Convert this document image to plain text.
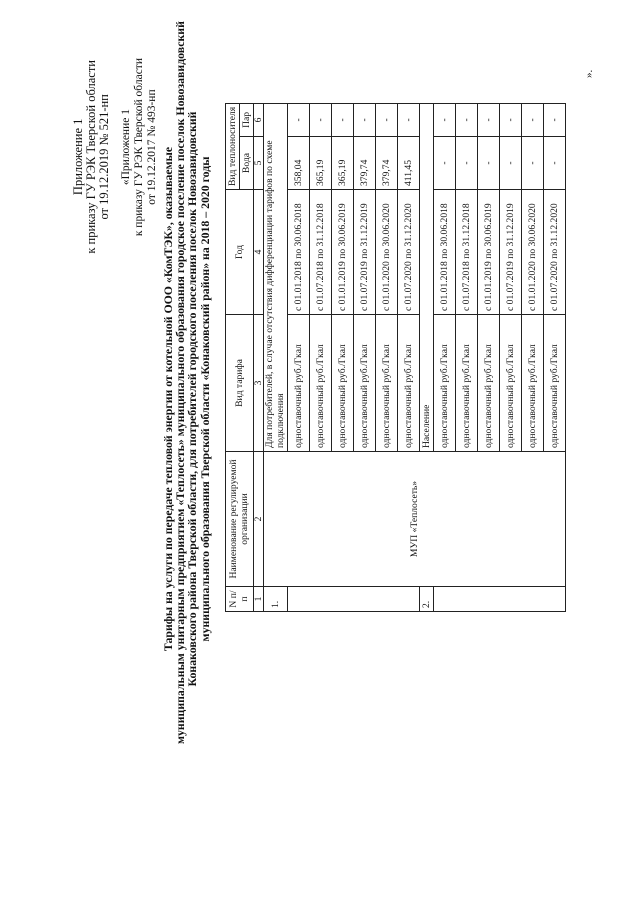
Приложение 1 к приказу ГУ РЭК Тверской области от 19.12.2019 № 521-нп «Приложение 1 к приказу ГУ РЭК Тверской области от 19.12.2017 № 493-нп Тарифы на услуги по передаче тепловой энергии от котельной ООО «КомТЭК», оказываемые
муниципальным унитарным предприятием «Теплосеть» муниципального образования городское поселение поселок Новозавидовский
Конаковского района Тверской области, для потребителей городского поселения поселок Новозавидовский
муниципального образования Тверской области «Конаковский район» на 2018 – 2020 годы N п/п	Наименование регулируемой организации	Вид тарифа	Год	Вид теплоносителя	
				Вода	Пар
1	2	3	4	5	6
1.	МУП «Теплосеть»	Для потребителей, в случае отсутствия дифференциации тарифов по схеме подключения			
		одноставочный руб./Гкал	с 01.01.2018 по 30.06.2018	358,04	-
		одноставочный руб./Гкал	с 01.07.2018 по 31.12.2018	365,19	-
		одноставочный руб./Гкал	с 01.01.2019 по 30.06.2019	365,19	-
		одноставочный руб./Гкал	с 01.07.2019 по 31.12.2019	379,74	-
		одноставочный руб./Гкал	с 01.01.2020 по 30.06.2020	379,74	-
		одноставочный руб./Гкал	с 01.07.2020 по 31.12.2020	411,45	-
2.		Население			
		одноставочный руб./Гкал	с 01.01.2018 по 30.06.2018	-	-
		одноставочный руб./Гкал	с 01.07.2018 по 31.12.2018	-	-
		одноставочный руб./Гкал	с 01.01.2019 по 30.06.2019	-	-
		одноставочный руб./Гкал	с 01.07.2019 по 31.12.2019	-	-
		одноставочный руб./Гкал	с 01.01.2020 по 30.06.2020	-	-
		одноставочный руб./Гкал	с 01.07.2020 по 31.12.2020	-	-
».
